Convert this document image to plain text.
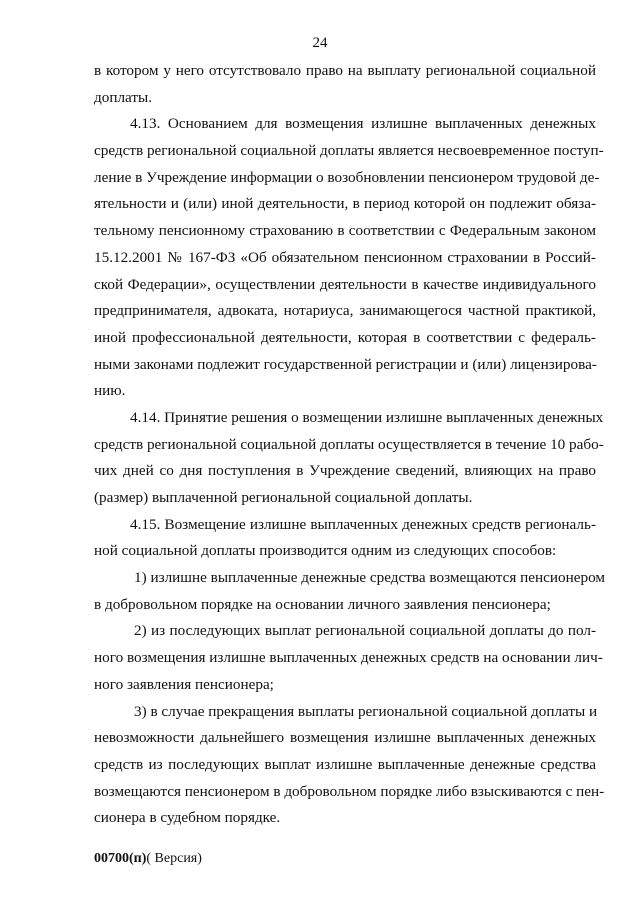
24
в котором у него отсутствовало право на выплату региональной социальной
доплаты.
4.13. Основанием для возмещения излишне выплаченных денежных
средств региональной социальной доплаты является несвоевременное поступ-
ление в Учреждение информации о возобновлении пенсионером трудовой де-
ятельности и (или) иной деятельности, в период которой он подлежит обяза-
тельному пенсионному страхованию в соответствии с Федеральным законом
15.12.2001 № 167-ФЗ «Об обязательном пенсионном страховании в Россий-
ской Федерации», осуществлении деятельности в качестве индивидуального
предпринимателя, адвоката, нотариуса, занимающегося частной практикой,
иной профессиональной деятельности, которая в соответствии с федераль-
ными законами подлежит государственной регистрации и (или) лицензирова-
нию.
4.14. Принятие решения о возмещении излишне выплаченных денежных
средств региональной социальной доплаты осуществляется в течение 10 рабо-
чих дней со дня поступления в Учреждение сведений, влияющих на право
(размер) выплаченной региональной социальной доплаты.
4.15. Возмещение излишне выплаченных денежных средств региональ-
ной социальной доплаты производится одним из следующих способов:
1) излишне выплаченные денежные средства возмещаются пенсионером
в добровольном порядке на основании личного заявления пенсионера;
2) из последующих выплат региональной социальной доплаты до пол-
ного возмещения излишне выплаченных денежных средств на основании лич-
ного заявления пенсионера;
3) в случае прекращения выплаты региональной социальной доплаты и
невозможности дальнейшего возмещения излишне выплаченных денежных
средств из последующих выплат излишне выплаченные денежные средства
возмещаются пенсионером в добровольном порядке либо взыскиваются с пен-
сионера в судебном порядке.
00700(п)( Версия)
